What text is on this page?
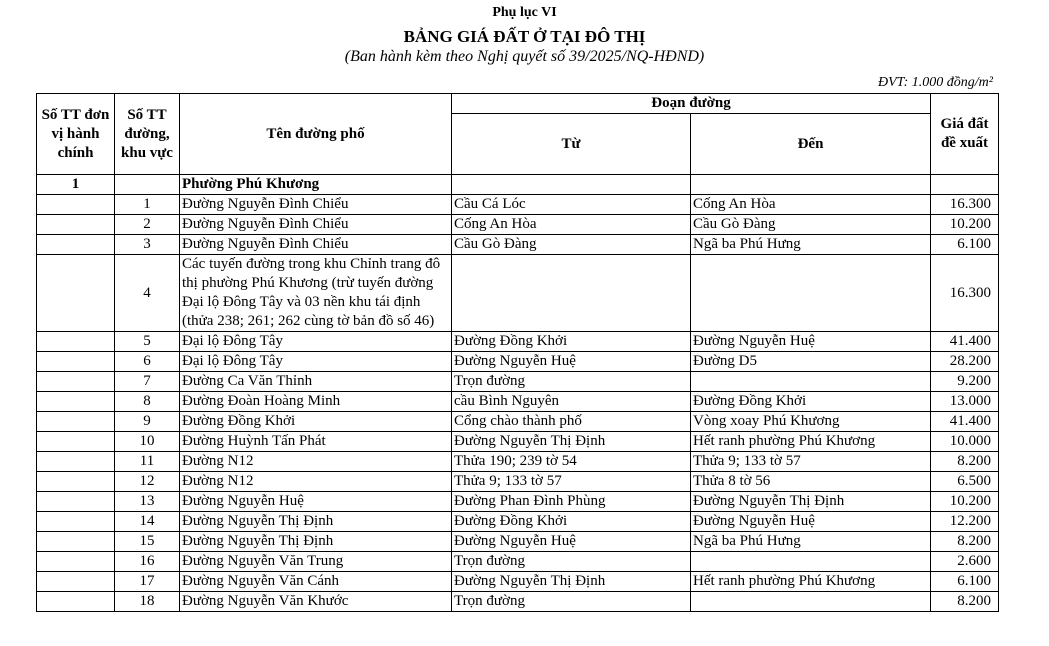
Phụ lục VI
BẢNG GIÁ ĐẤT Ở TẠI ĐÔ THỊ
(Ban hành kèm theo Nghị quyết số 39/2025/NQ-HĐND)
ĐVT: 1.000 đồng/m²
Số TT đơn vị hành chính	Số TT đường, khu vực	Tên đường phố	Đoạn đường		Giá đất đề xuất
			Từ	Đến	
1		Phường Phú Khương			
	1	Đường Nguyễn Đình Chiểu	Cầu Cá Lóc	Cống An Hòa	16.300
	2	Đường Nguyễn Đình Chiểu	Cống An Hòa	Cầu Gò Đàng	10.200
	3	Đường Nguyễn Đình Chiểu	Cầu Gò Đàng	Ngã ba Phú Hưng	6.100
	4	Các tuyến đường trong khu Chỉnh trang đô thị phường Phú Khương (trừ tuyến đường Đại lộ Đông Tây và 03 nền khu tái định (thửa 238; 261; 262 cùng tờ bản đồ số 46)			16.300
	5	Đại lộ Đông Tây	Đường Đồng Khởi	Đường Nguyễn Huệ	41.400
	6	Đại lộ Đông Tây	Đường Nguyễn Huệ	Đường D5	28.200
	7	Đường Ca Văn Thỉnh	Trọn đường		9.200
	8	Đường Đoàn Hoàng Minh	cầu Bình Nguyên	Đường Đồng Khởi	13.000
	9	Đường Đồng Khởi	Cổng chào thành phố	Vòng xoay Phú Khương	41.400
	10	Đường Huỳnh Tấn Phát	Đường Nguyễn Thị Định	Hết ranh phường Phú Khương	10.000
	11	Đường N12	Thửa 190; 239 tờ 54	Thửa 9; 133 tờ 57	8.200
	12	Đường N12	Thửa 9; 133 tờ 57	Thửa 8 tờ 56	6.500
	13	Đường Nguyễn Huệ	Đường Phan Đình Phùng	Đường Nguyễn Thị Định	10.200
	14	Đường Nguyễn Thị Định	Đường Đồng Khởi	Đường Nguyễn Huệ	12.200
	15	Đường Nguyễn Thị Định	Đường Nguyễn Huệ	Ngã ba Phú Hưng	8.200
	16	Đường Nguyễn Văn Trung	Trọn đường		2.600
	17	Đường Nguyễn Văn Cánh	Đường Nguyễn Thị Định	Hết ranh phường Phú Khương	6.100
	18	Đường Nguyễn Văn Khước	Trọn đường		8.200
